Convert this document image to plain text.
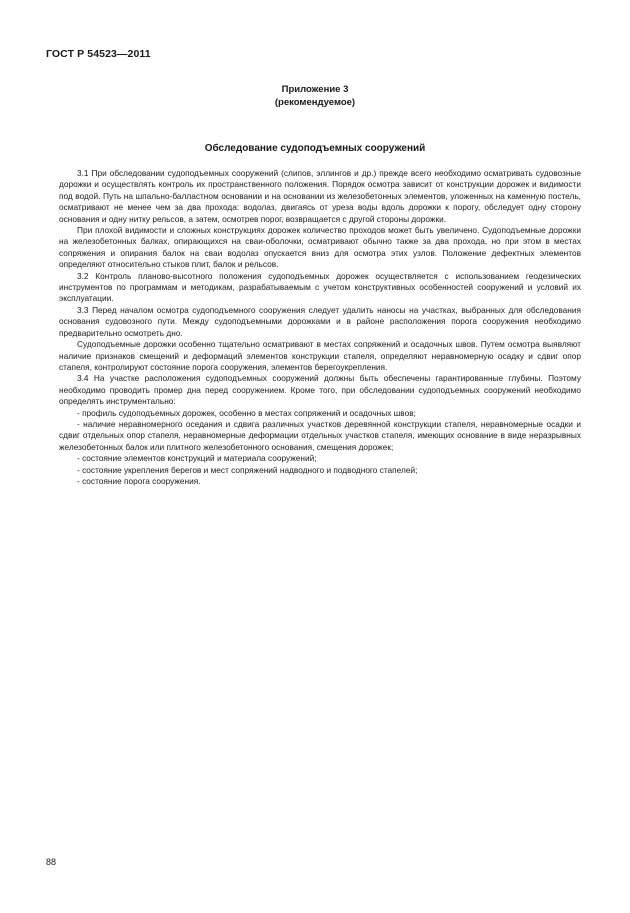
ГОСТ Р 54523—2011
Приложение 3
(рекомендуемое)
Обследование судоподъемных сооружений

3.1 При обследовании судоподъемных сооружений (слипов, эллингов и др.) прежде всего необходимо осматривать судовозные дорожки и осуществлять контроль их пространственного положения. Порядок осмотра зависит от конструкции дорожек и видимости под водой. Путь на шпально-балластном основании и на основании из железобетонных элементов, уложенных на каменную постель, осматривают не менее чем за два прохода: водолаз, двигаясь от уреза воды вдоль дорожки к порогу, обследует одну сторону основания и одну нитку рельсов, а затем, осмотрев порог, возвращается с другой стороны дорожки.

При плохой видимости и сложных конструкциях дорожек количество проходов может быть увеличено. Судоподъемные дорожки на железобетонных балках, опирающихся на сваи-оболочки, осматривают обычно также за два прохода, но при этом в местах сопряжения и опирания балок на сваи водолаз опускается вниз для осмотра этих узлов. Положение дефектных элементов определяют относительно стыков плит, балок и рельсов.

3.2 Контроль планово-высотного положения судоподъемных дорожек осуществляется с использованием геодезических инструментов по программам и методикам, разрабатываемым с учетом конструктивных особенностей сооружений и условий их эксплуатации.

3.3 Перед началом осмотра судоподъемного сооружения следует удалить наносы на участках, выбранных для обследования основания судовозного пути. Между судоподъемными дорожками и в районе расположения порога сооружения необходимо предварительно осмотреть дно.

Судоподъемные дорожки особенно тщательно осматривают в местах сопряжений и осадочных швов. Путем осмотра выявляют наличие признаков смещений и деформаций элементов конструкции стапеля, определяют неравномерную осадку и сдвиг опор стапеля, контролируют состояние порога сооружения, элементов берегоукрепления.

3.4 На участке расположения судоподъемных сооружений должны быть обеспечены гарантированные глубины. Поэтому необходимо проводить промер дна перед сооружением. Кроме того, при обследовании судоподъемных сооружений необходимо определять инструментально:

- профиль судоподъемных дорожек, особенно в местах сопряжений и осадочных швов;
- наличие неравномерного оседания и сдвига различных участков деревянной конструкции стапеля, неравномерные осадки и сдвиг отдельных опор стапеля, неравномерные деформации отдельных участков стапеля, имеющих основание в виде неразрывных железобетонных балок или плитного железобетонного основания, смещения дорожек;
- состояние элементов конструкций и материала сооружений;
- состояние укрепления берегов и мест сопряжений надводного и подводного стапелей;
- состояние порога сооружения.
88
